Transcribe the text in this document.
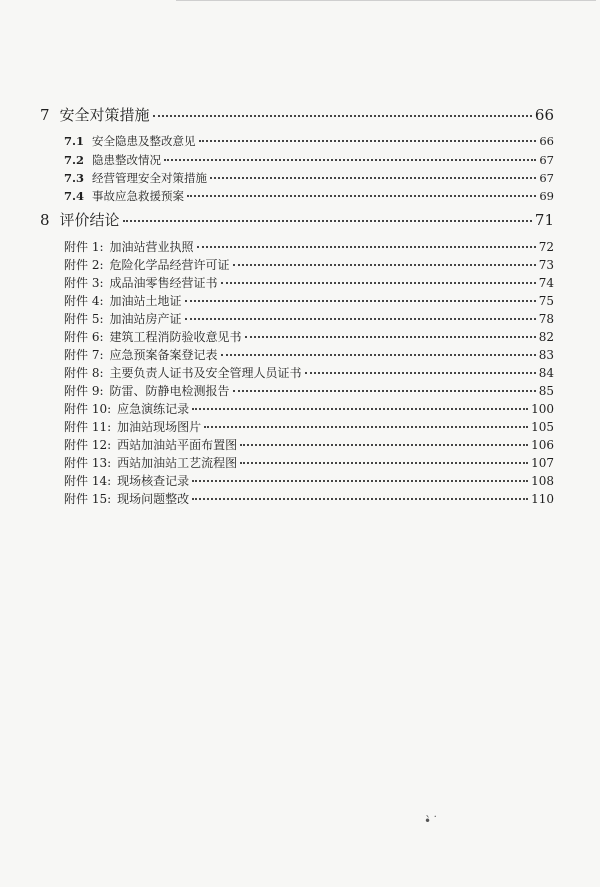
7 安全对策措施	66
7.1 安全隐患及整改意见	66
7.2 隐患整改情况	67
7.3 经营管理安全对策措施	67
7.4 事故应急救援预案	69
8 评价结论	71
附件 1: 加油站营业执照	72
附件 2: 危险化学品经营许可证	73
附件 3: 成品油零售经营证书	74
附件 4: 加油站土地证	75
附件 5: 加油站房产证	78
附件 6: 建筑工程消防验收意见书	82
附件 7: 应急预案备案登记表	83
附件 8: 主要负责人证书及安全管理人员证书	84
附件 9: 防雷、防静电检测报告	85
附件 10: 应急演练记录	100
附件 11: 加油站现场图片	105
附件 12: 西站加油站平面布置图	106
附件 13: 西站加油站工艺流程图	107
附件 14: 现场核查记录	108
附件 15: 现场问题整改	110
•̀ ͘
